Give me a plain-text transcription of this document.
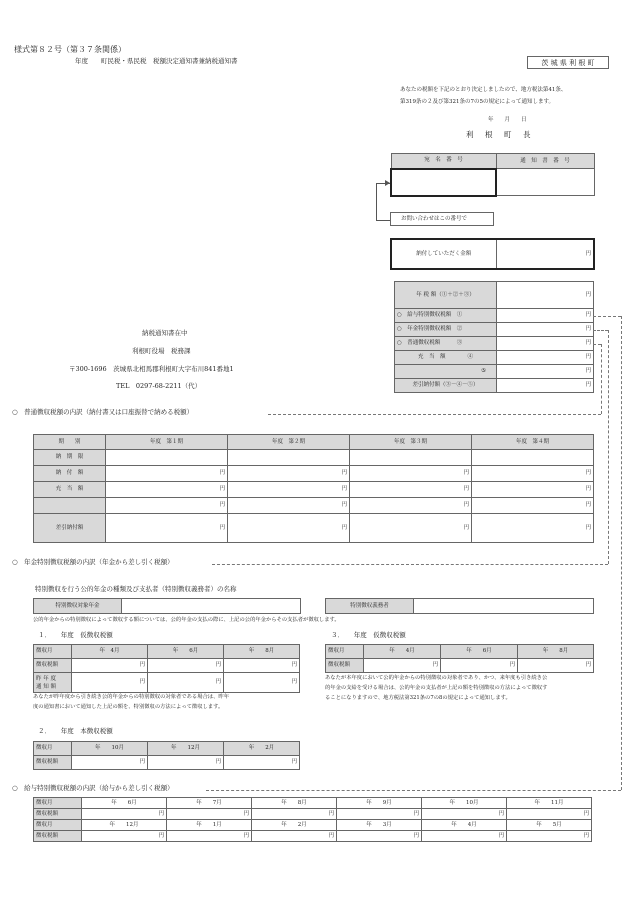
様式第８２号（第３７条関係）
年度　　町民税・県民税　税額決定通知書兼納税通知書	茨 城 県 利 根 町
あなたの税額を下記のとおり決定しましたので、地方税法第41条、
第319条の２及び第321条の7の5の規定によって通知します。
年　　月　　日
利　根　町　長
宛　名　番　号	通　知　書　番　号

お問い合わせはこの番号で
納付していただく金額	円
年 税 額（①＋②＋③）	円
○　給与特別徴収税額　①	円
○　年金特別徴収税額　②	円
○　普通徴収税額　　　③	円
充　当　額　　　　④	円
⑤	円
差引納付額（③－④－⑤）	円
納税通知書在中
利根町役場　税務課
〒300-1696　茨城県北相馬郡利根町大字布川841番地1
TEL　0297-68-2211（代）
○　普通徴収税額の内訳（納付書又は口座振替で納める税額）
期　　別	年度　第１期	年度　第２期	年度　第３期	年度　第４期
納　期　限				
納　付　額	円	円	円	円
充　当　額	円	円	円	円
	円	円	円	円
差引納付額	円	円	円	円
○　年金特別徴収税額の内訳（年金から差し引く税額）
特別徴収を行う公的年金の種類及び支払者（特別徴収義務者）の名称
特別徴収対象年金		特別徴収義務者	
公的年金からの特別徴収によって徴収する額については、公的年金の支払の際に、上記の公的年金からその支払者が徴収します。
１．　　年度　仮徴収税額
徴収月	年　4月	年　　6月	年　　8月
徴収税額	円	円	円
昨 年 度
通 知 額	円	円	円
あなたが昨年度から引き続き公的年金からの特別徴収の対象者である場合は、昨年
度の通知書において通知した上記の額を、特別徴収の方法によって徴収します。
２．　　年度　本徴収税額
徴収月	年　　10月	年　　12月	年　　2月
徴収税額	円	円	円
３．　　年度　仮徴収税額
徴収月	年　　4月	年　　6月	年　　8月
徴収税額	円	円	円
あなたが本年度において公的年金からの特別徴収の対象者であり、かつ、来年度も引き続き公
的年金の支給を受ける場合は、公的年金の支払者が上記の額を特別徴収の方法によって徴収す
ることになりますので、地方税法第321条の7の8の規定によって通知します。
○　給与特別徴収税額の内訳（給与から差し引く税額）
徴収月	年　　6月	年　　7月	年　　8月	年　　9月	年　　10月	年　　11月
徴収税額	円	円	円	円	円	円
徴収月	年　　12月	年　　1月	年　　2月	年　　3月	年　　4月	年　　5月
徴収税額	円	円	円	円	円	円
